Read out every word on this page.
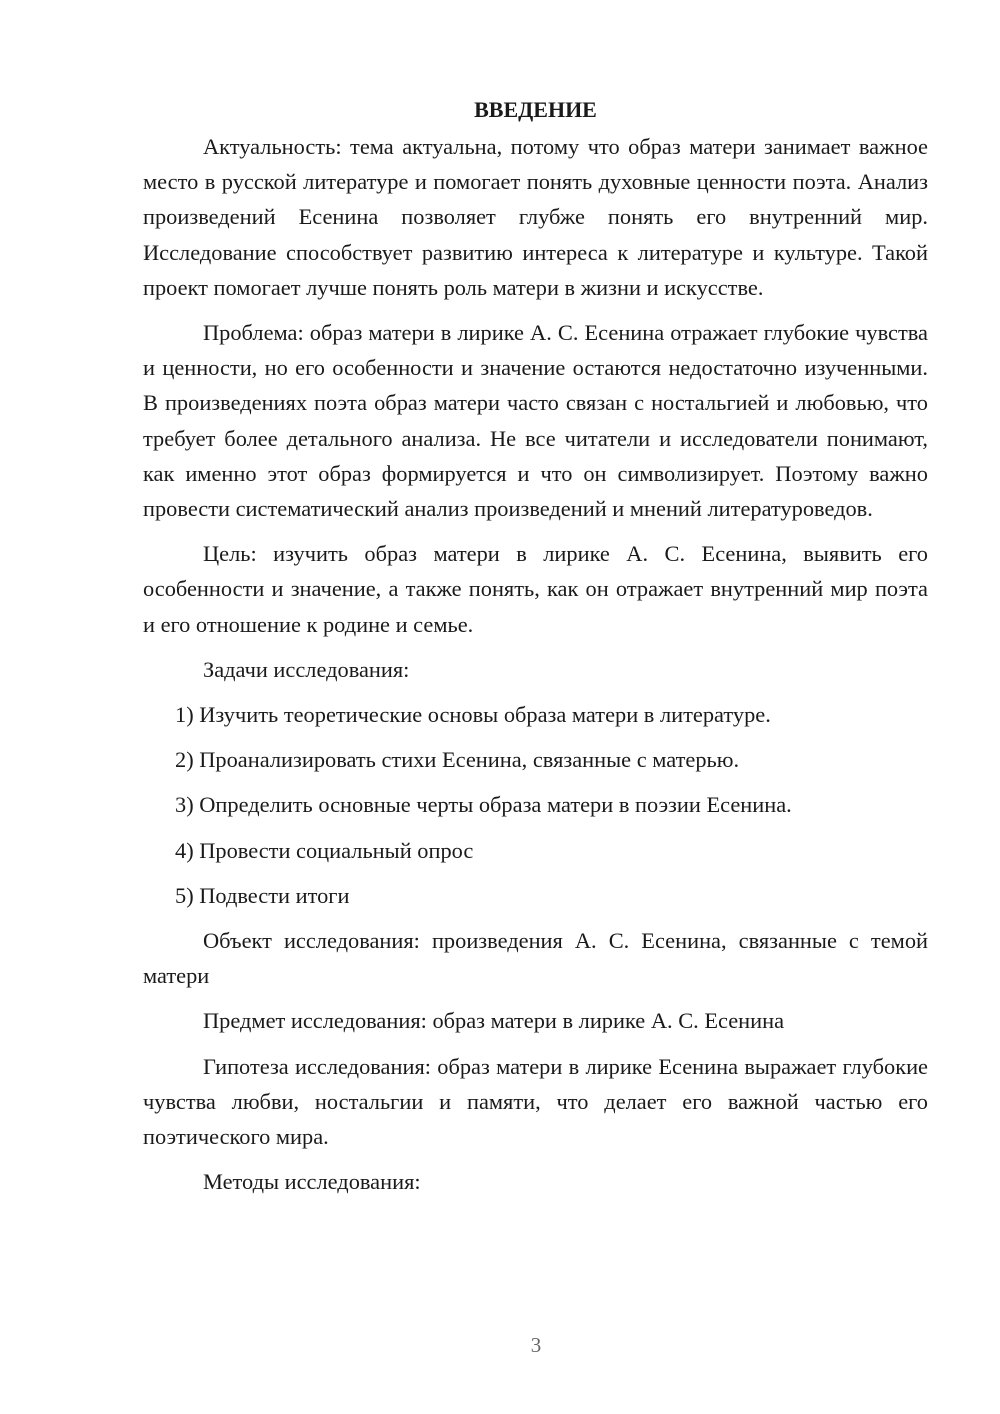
ВВЕДЕНИЕ

Актуальность: тема актуальна, потому что образ матери занимает важное место в русской литературе и помогает понять духовные ценности поэта. Анализ произведений Есенина позволяет глубже понять его внутренний мир. Исследование способствует развитию интереса к литературе и культуре. Такой проект помогает лучше понять роль матери в жизни и искусстве.

Проблема: образ матери в лирике А. С. Есенина отражает глубокие чувства и ценности, но его особенности и значение остаются недостаточно изученными. В произведениях поэта образ матери часто связан с ностальгией и любовью, что требует более детального анализа. Не все читатели и исследователи понимают, как именно этот образ формируется и что он символизирует. Поэтому важно провести систематический анализ произведений и мнений литературоведов.

Цель: изучить образ матери в лирике А. С. Есенина, выявить его особенности и значение, а также понять, как он отражает внутренний мир поэта и его отношение к родине и семье.

Задачи исследования:

1) Изучить теоретические основы образа матери в литературе.

2) Проанализировать стихи Есенина, связанные с матерью.

3) Определить основные черты образа матери в поэзии Есенина.

4) Провести социальный опрос

5) Подвести итоги

Объект исследования: произведения А. С. Есенина, связанные с темой матери

Предмет исследования: образ матери в лирике А. С. Есенина

Гипотеза исследования: образ матери в лирике Есенина выражает глубокие чувства любви, ностальгии и памяти, что делает его важной частью его поэтического мира.

Методы исследования:

3
